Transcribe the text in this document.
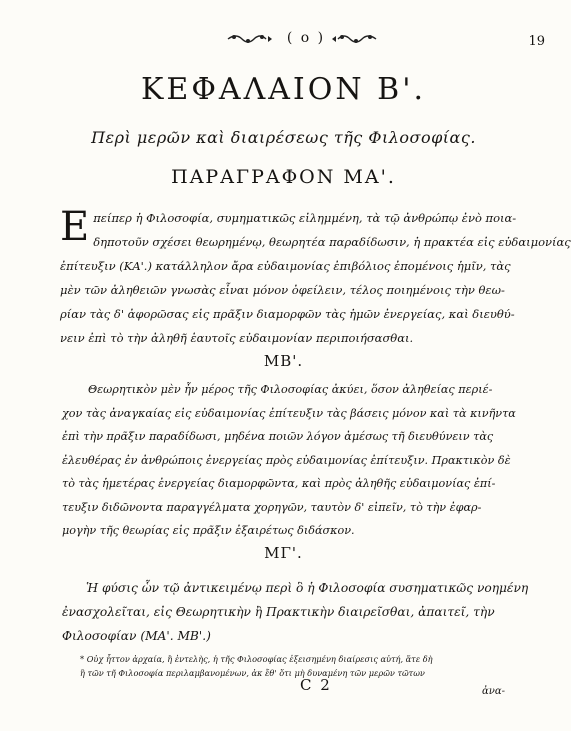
( o )	19
ΚΕΦΑΛΑΙΟΝ Β'.
Περὶ μερῶν καὶ διαιρέσεως τῆς Φιλοσοφίας.
ΠΑΡΑΓΡΑΦΟΝ ΜΑ'.
Ε πείπερ ἡ Φιλοσοφία, συμηματικῶς εἰλημμένη, τὰ τῷ ἀνθρώπῳ ἐνὸ ποια-
δηποτοῦν σχέσει θεωρημένῳ, θεωρητέα παραδίδωσιν, ἡ πρακτέα εἰς εὐδαιμονίας
ἐπίτευξιν (ΚΑ'.) κατάλληλον ἄρα εὐδαιμονίας ἐπιβόλιος ἐπομένοις ἡμῖν, τὰς
μὲν τῶν ἀληθειῶν γνωσὰς εἶναι μόνον ὀφείλειν, τέλος ποιημένοις τὴν θεω-
ρίαν τὰς δ' ἀφορῶσας εἰς πρᾶξιν διαμορφῶν τὰς ἡμῶν ἐνεργείας, καὶ διευθύ-
νειν ἐπὶ τὸ τὴν ἀληθῆ ἑαυτοῖς εὐδαιμονίαν περιποιήσασθαι.
ΜΒ'.
Θεωρητικὸν μὲν ἦν μέρος τῆς Φιλοσοφίας ἀκύει, ὅσον ἀληθείας περιέ-
χον τὰς ἀναγκαίας εἰς εὐδαιμονίας ἐπίτευξιν τὰς βάσεις μόνον καὶ τὰ κινῆντα
ἐπὶ τὴν πρᾶξιν παραδίδωσι, μηδένα ποιῶν λόγον ἀμέσως τῆ διευθύνειν τὰς
ἐλευθέρας ἐν ἀνθρώποις ἐνεργείας πρὸς εὐδαιμονίας ἐπίτευξιν. Πρακτικὸν δὲ
τὸ τὰς ἡμετέρας ἐνεργείας διαμορφῶντα, καὶ πρὸς ἀληθῆς εὐδαιμονίας ἐπί-
τευξιν διδῶνοντα παραγγέλματα χορηγῶν, ταυτὸν δ' εἰπεῖν, τὸ τὴν ἐφαρ-
μογὴν τῆς θεωρίας εἰς πρᾶξιν ἐξαιρέτως διδάσκον.
ΜΓ'.
Ἡ φύσις ὧν τῷ ἀντικειμένῳ περὶ ὃ ἡ Φιλοσοφία συσηματικῶς νοημένη
ἐνασχολεῖται, εἰς Θεωρητικὴν ἢ Πρακτικὴν διαιρεῖσθαι, ἀπαιτεῖ, τὴν
Φιλοσοφίαν (ΜΑ'. ΜΒ'.)
* Οὐχ ἧττον ἀρχαία, ἢ ἐντελὴς, ἡ τῆς Φιλοσοφίας ἐξεισημένη διαίρεσις αὐτή, ἅτε δὴ
ἣ τῶν τῆ Φιλοσοφία περιλαμβανομένων, ἀκ ἔθ' ὅτι μὴ δυναμένη τῶν μερῶν τῶτων
C 2	ἀνα-
